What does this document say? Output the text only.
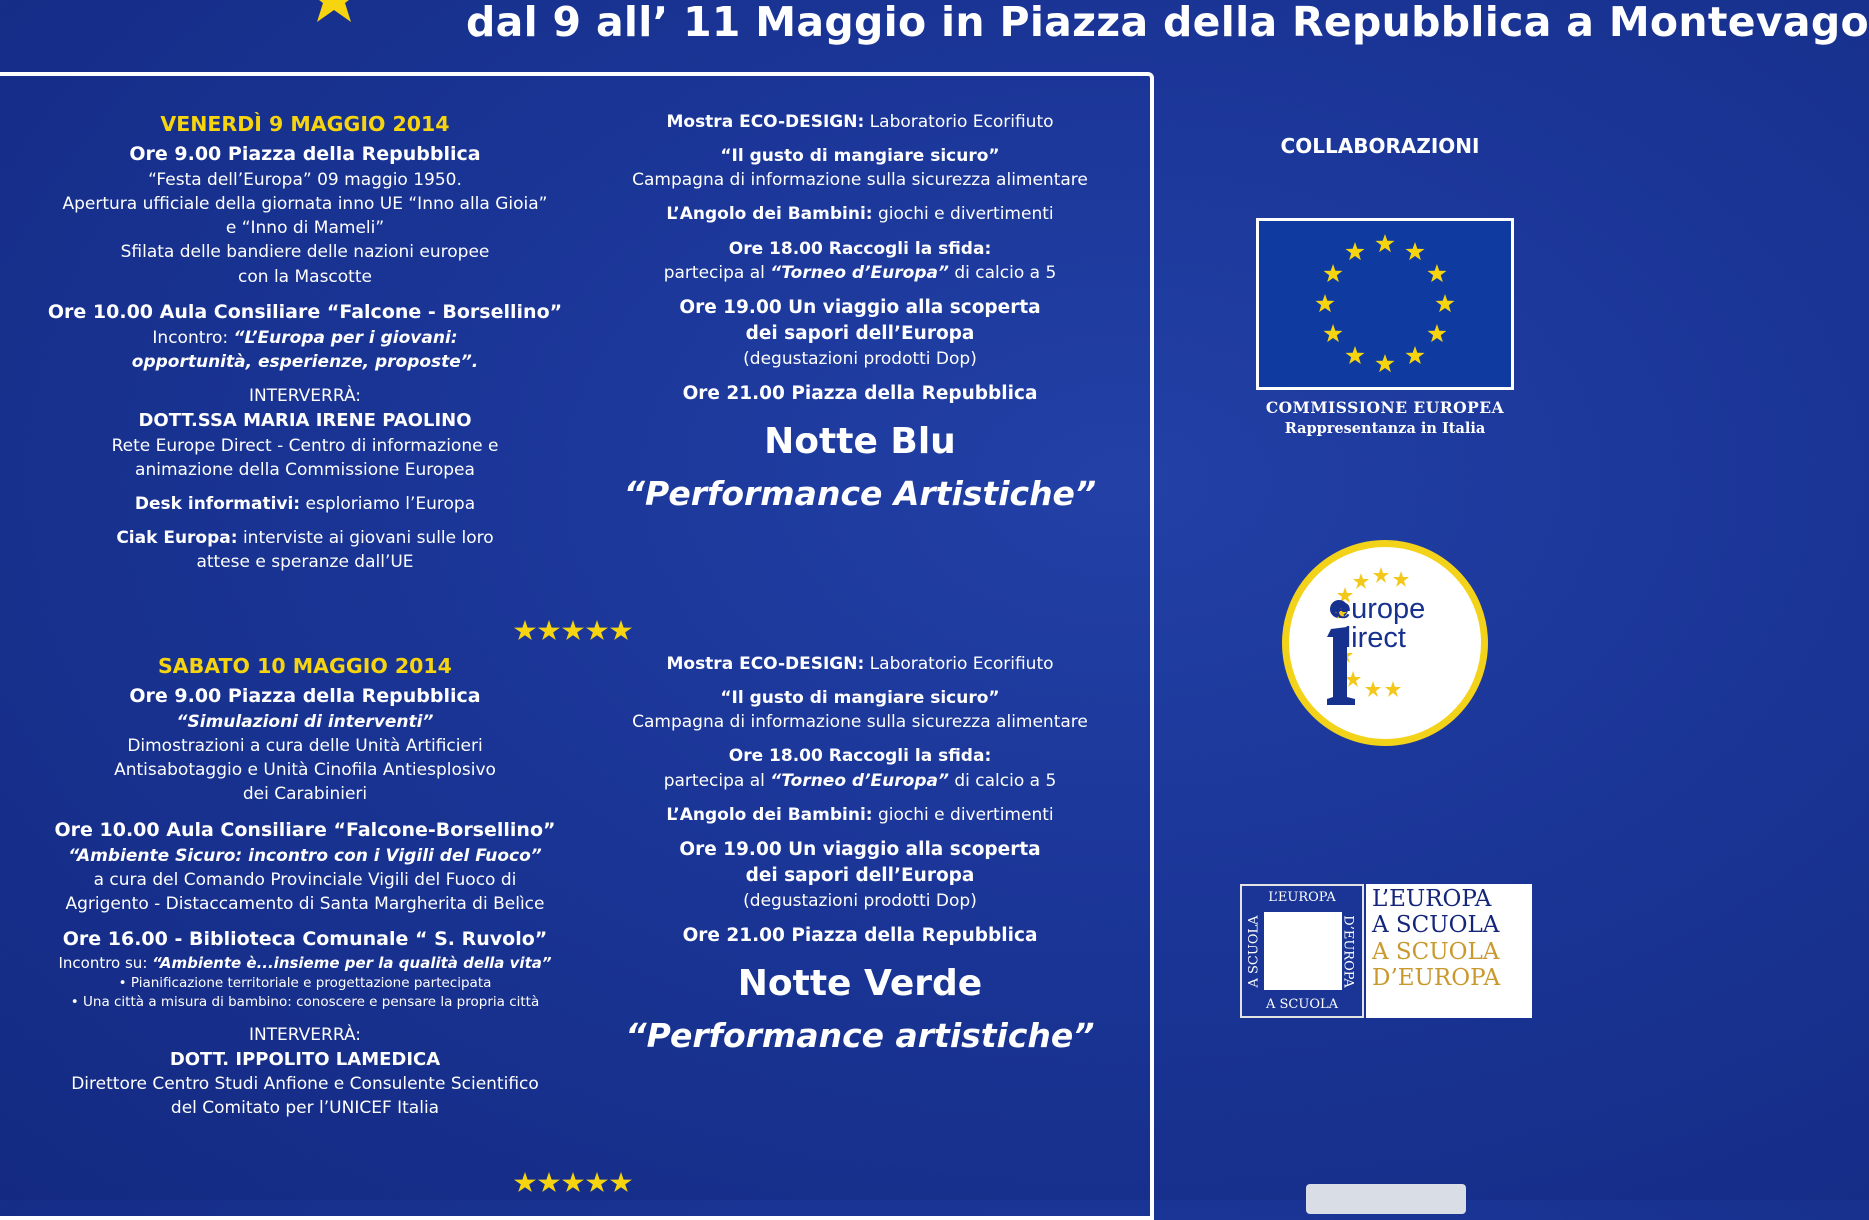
dal 9 all’ 11 Maggio in Piazza della Repubblica a Montevago
VENERDÌ 9 MAGGIO 2014
Ore 9.00 Piazza della Repubblica
“Festa dell’Europa” 09 maggio 1950.
Apertura ufficiale della giornata inno UE “Inno alla Gioia”
e “Inno di Mameli”
Sfilata delle bandiere delle nazioni europee
con la Mascotte
Ore 10.00 Aula Consiliare “Falcone - Borsellino”
Incontro: “L’Europa per i giovani:
opportunità, esperienze, proposte”.
INTERVERRÀ:
DOTT.SSA MARIA IRENE PAOLINO
Rete Europe Direct - Centro di informazione e
animazione della Commissione Europea
Desk informativi: esploriamo l’Europa
Ciak Europa: interviste ai giovani sulle loro
attese e speranze dall’UE
Mostra ECO-DESIGN: Laboratorio Ecorifiuto
“Il gusto di mangiare sicuro”
Campagna di informazione sulla sicurezza alimentare
L’Angolo dei Bambini: giochi e divertimenti
Ore 18.00 Raccogli la sfida:
partecipa al “Torneo d’Europa” di calcio a 5
Ore 19.00 Un viaggio alla scoperta
dei sapori dell’Europa
(degustazioni prodotti Dop)
Ore 21.00 Piazza della Repubblica
Notte Blu
“Performance Artistiche”
SABATO 10 MAGGIO 2014
Ore 9.00 Piazza della Repubblica
“Simulazioni di interventi”
Dimostrazioni a cura delle Unità Artificieri
Antisabotaggio e Unità Cinofila Antiesplosivo
dei Carabinieri
Ore 10.00 Aula Consiliare “Falcone-Borsellino”
“Ambiente Sicuro: incontro con i Vigili del Fuoco”
a cura del Comando Provinciale Vigili del Fuoco di
Agrigento - Distaccamento di Santa Margherita di Belìce
Ore 16.00 - Biblioteca Comunale “ S. Ruvolo”
Incontro su: “Ambiente è...insieme per la qualità della vita”
• Pianificazione territoriale e progettazione partecipata
• Una città a misura di bambino: conoscere e pensare la propria città
INTERVERRÀ:
DOTT. IPPOLITO LAMEDICA
Direttore Centro Studi Anfione e Consulente Scientifico
del Comitato per l’UNICEF Italia
Mostra ECO-DESIGN: Laboratorio Ecorifiuto
“Il gusto di mangiare sicuro”
Campagna di informazione sulla sicurezza alimentare
Ore 18.00 Raccogli la sfida:
partecipa al “Torneo d’Europa” di calcio a 5
L’Angolo dei Bambini: giochi e divertimenti
Ore 19.00 Un viaggio alla scoperta
dei sapori dell’Europa
(degustazioni prodotti Dop)
Ore 21.00 Piazza della Repubblica
Notte Verde
“Performance artistiche”
COLLABORAZIONI
COMMISSIONE EUROPEA
Rappresentanza in Italia
europe
direct
L’EUROPA
A SCUOLA
D’EUROPA
A SCUOLA
L’EUROPA
A SCUOLA
A SCUOLA
D’EUROPA
